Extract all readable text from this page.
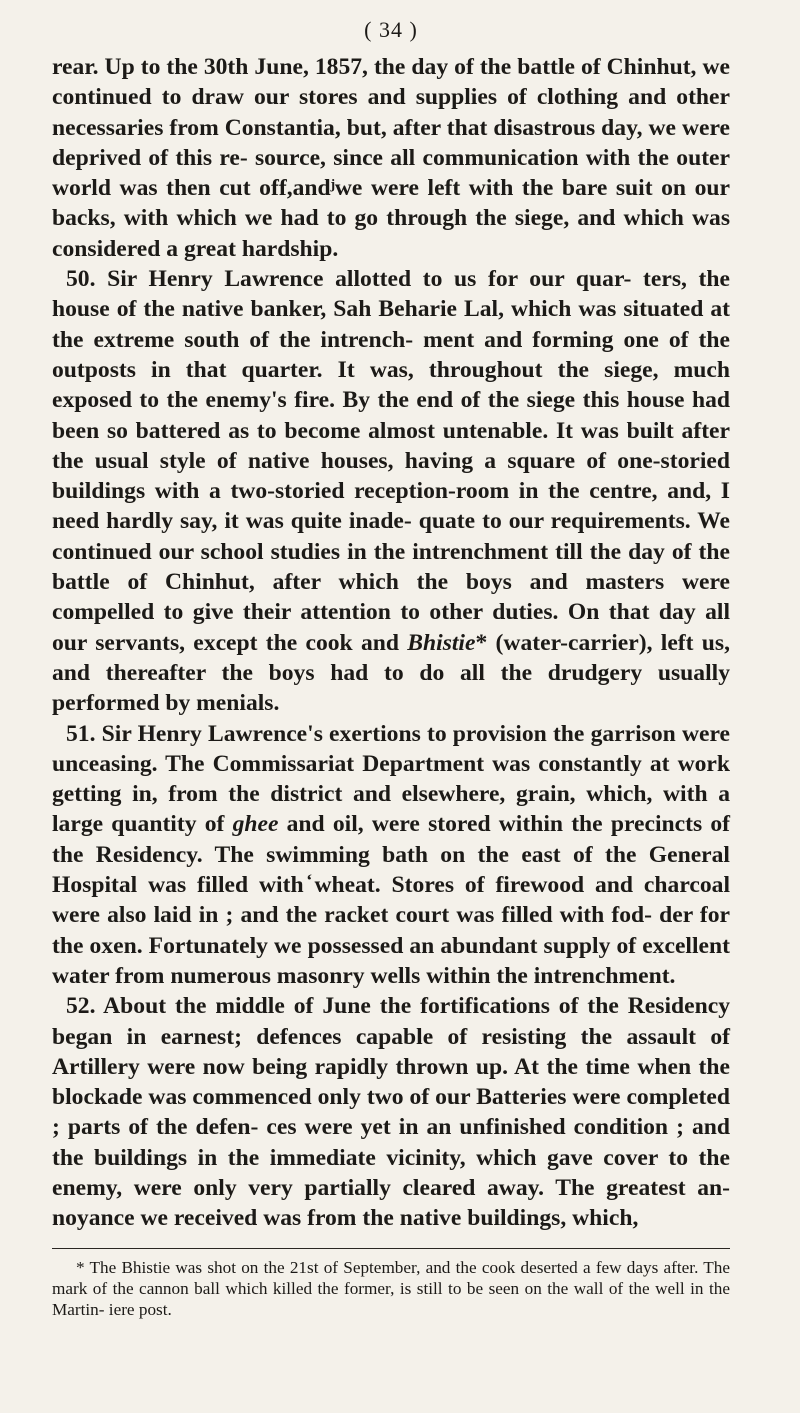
( 34 )

rear. Up to the 30th June, 1857, the day of the battle of Chinhut, we continued to draw our stores and supplies of clothing and other necessaries from Constantia, but, after that disastrous day, we were deprived of this re- source, since all communication with the outer world was then cut off,andʲwe were left with the bare suit on our backs, with which we had to go through the siege, and which was considered a great hardship.

50. Sir Henry Lawrence allotted to us for our quar- ters, the house of the native banker, Sah Beharie Lal, which was situated at the extreme south of the intrench- ment and forming one of the outposts in that quarter. It was, throughout the siege, much exposed to the enemy's fire. By the end of the siege this house had been so battered as to become almost untenable. It was built after the usual style of native houses, having a square of one-storied buildings with a two-storied reception-room in the centre, and, I need hardly say, it was quite inade- quate to our requirements. We continued our school studies in the intrenchment till the day of the battle of Chinhut, after which the boys and masters were compelled to give their attention to other duties. On that day all our servants, except the cook and Bhistie* (water-carrier), left us, and thereafter the boys had to do all the drudgery usually performed by menials.

51. Sir Henry Lawrence's exertions to provision the garrison were unceasing. The Commissariat Department was constantly at work getting in, from the district and elsewhere, grain, which, with a large quantity of ghee and oil, were stored within the precincts of the Residency. The swimming bath on the east of the General Hospital was filled with ̒wheat. Stores of firewood and charcoal were also laid in ; and the racket court was filled with fod- der for the oxen. Fortunately we possessed an abundant supply of excellent water from numerous masonry wells within the intrenchment.

52. About the middle of June the fortifications of the Residency began in earnest; defences capable of resisting the assault of Artillery were now being rapidly thrown up. At the time when the blockade was commenced only two of our Batteries were completed ; parts of the defen- ces were yet in an unfinished condition ; and the buildings in the immediate vicinity, which gave cover to the enemy, were only very partially cleared away. The greatest an- noyance we received was from the native buildings, which,

* The Bhistie was shot on the 21st of September, and the cook deserted a few days after. The mark of the cannon ball which killed the former, is still to be seen on the wall of the well in the Martin- iere post.
